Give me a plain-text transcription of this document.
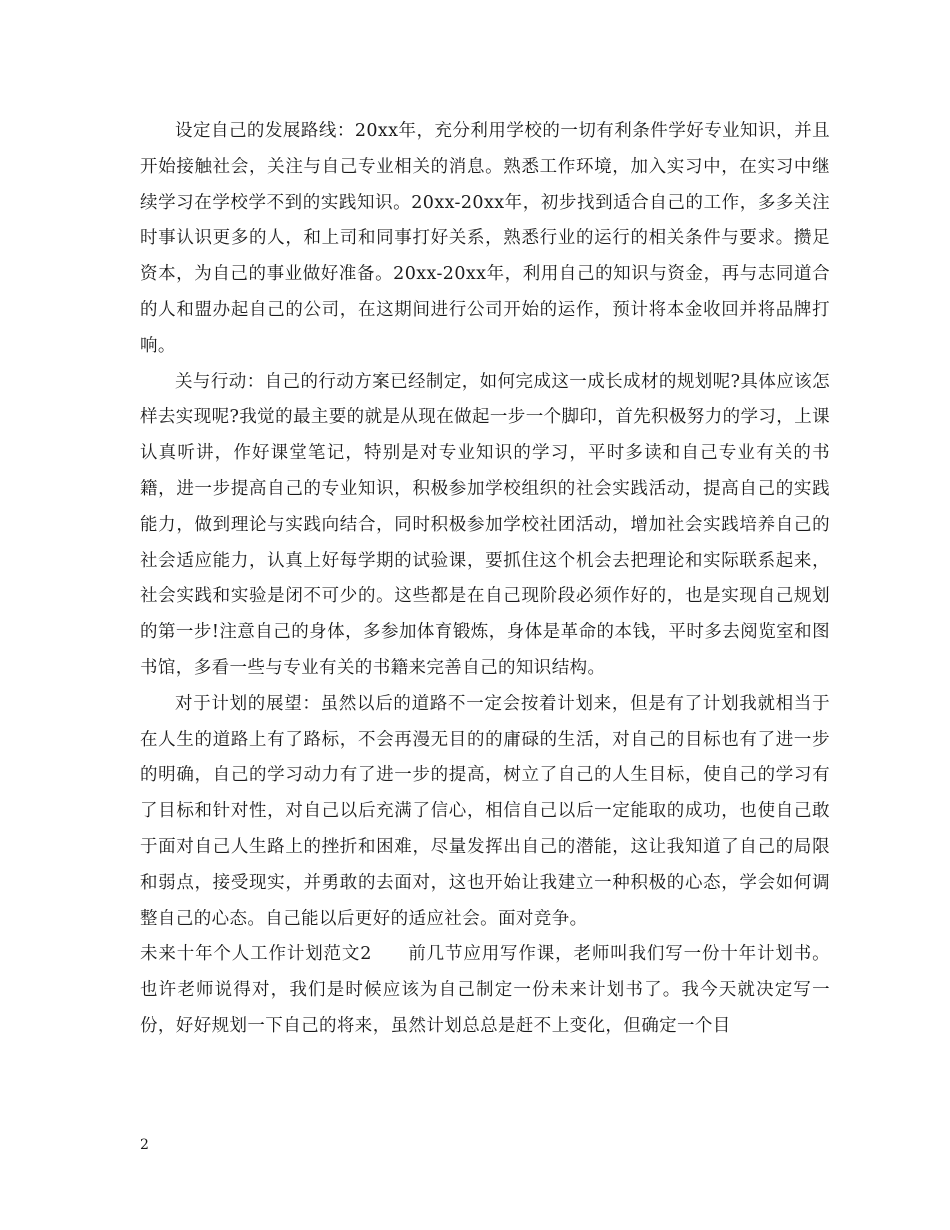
设定自己的发展路线：20xx年，充分利用学校的一切有利条件学好专业知识，并且开始接触社会，关注与自己专业相关的消息。熟悉工作环境，加入实习中，在实习中继续学习在学校学不到的实践知识。20xx-20xx年，初步找到适合自己的工作，多多关注时事认识更多的人，和上司和同事打好关系，熟悉行业的运行的相关条件与要求。攒足资本，为自己的事业做好准备。20xx-20xx年，利用自己的知识与资金，再与志同道合的人和盟办起自己的公司，在这期间进行公司开始的运作，预计将本金收回并将品牌打响。

关与行动：自己的行动方案已经制定，如何完成这一成长成材的规划呢?具体应该怎样去实现呢?我觉的最主要的就是从现在做起一步一个脚印，首先积极努力的学习，上课认真听讲，作好课堂笔记，特别是对专业知识的学习，平时多读和自己专业有关的书籍，进一步提高自己的专业知识，积极参加学校组织的社会实践活动，提高自己的实践能力，做到理论与实践向结合，同时积极参加学校社团活动，增加社会实践培养自己的社会适应能力，认真上好每学期的试验课，要抓住这个机会去把理论和实际联系起来，社会实践和实验是闭不可少的。这些都是在自己现阶段必须作好的，也是实现自己规划的第一步!注意自己的身体，多参加体育锻炼，身体是革命的本钱，平时多去阅览室和图书馆，多看一些与专业有关的书籍来完善自己的知识结构。

对于计划的展望：虽然以后的道路不一定会按着计划来，但是有了计划我就相当于在人生的道路上有了路标，不会再漫无目的的庸碌的生活，对自己的目标也有了进一步的明确，自己的学习动力有了进一步的提高，树立了自己的人生目标，使自己的学习有了目标和针对性，对自己以后充满了信心，相信自己以后一定能取的成功，也使自己敢于面对自己人生路上的挫折和困难，尽量发挥出自己的潜能，这让我知道了自己的局限和弱点，接受现实，并勇敢的去面对，这也开始让我建立一种积极的心态，学会如何调整自己的心态。自己能以后更好的适应社会。面对竞争。

未来十年个人工作计划范文2 前几节应用写作课，老师叫我们写一份十年计划书。也许老师说得对，我们是时候应该为自己制定一份未来计划书了。我今天就决定写一份，好好规划一下自己的将来，虽然计划总总是赶不上变化，但确定一个目

2
